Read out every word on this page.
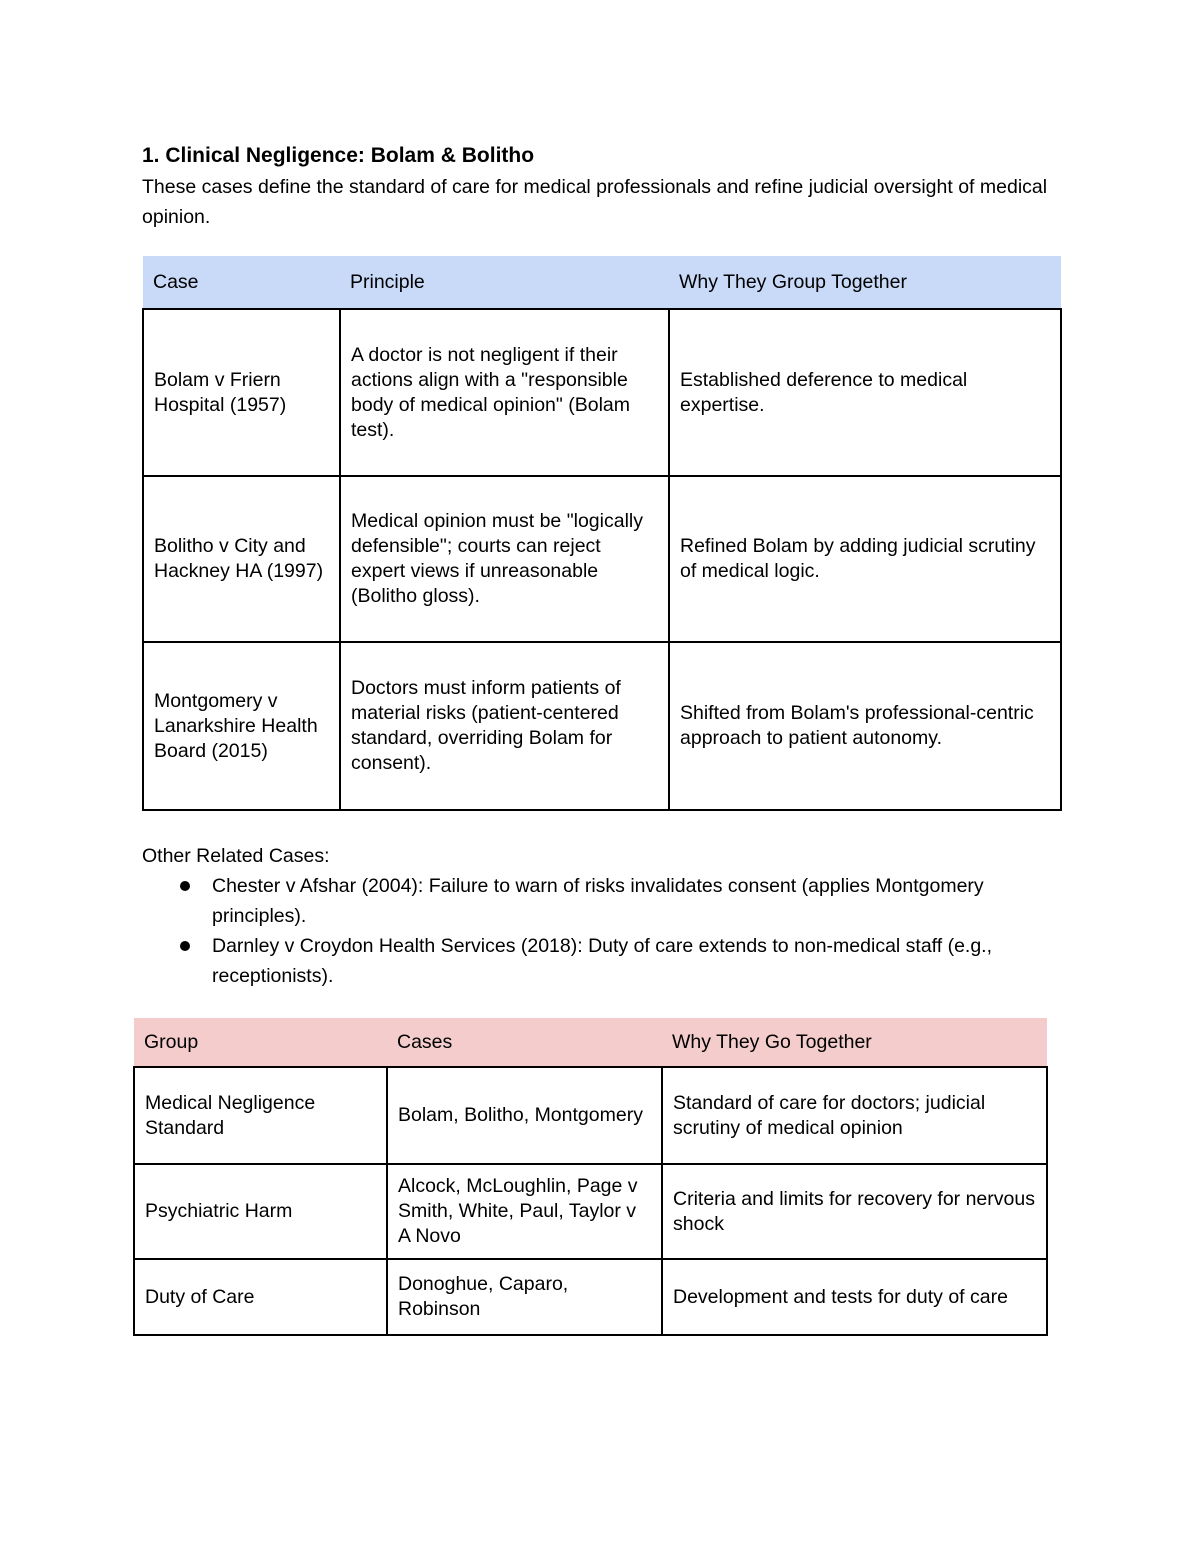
1. Clinical Negligence: Bolam & Bolitho

These cases define the standard of care for medical professionals and refine judicial oversight of medical opinion.

Case	Principle	Why They Group Together
Bolam v Friern Hospital (1957)	A doctor is not negligent if their actions align with a "responsible body of medical opinion" (Bolam test).	Established deference to medical expertise.
Bolitho v City and Hackney HA (1997)	Medical opinion must be "logically defensible"; courts can reject expert views if unreasonable (Bolitho gloss).	Refined Bolam by adding judicial scrutiny of medical logic.
Montgomery v Lanarkshire Health Board (2015)	Doctors must inform patients of material risks (patient-centered standard, overriding Bolam for consent).	Shifted from Bolam's professional-centric approach to patient autonomy.

Other Related Cases:

Chester v Afshar (2004): Failure to warn of risks invalidates consent (applies Montgomery principles).
Darnley v Croydon Health Services (2018): Duty of care extends to non-medical staff (e.g., receptionists).
Group	Cases	Why They Go Together
Medical Negligence Standard	Bolam, Bolitho, Montgomery	Standard of care for doctors; judicial scrutiny of medical opinion
Psychiatric Harm	Alcock, McLoughlin, Page v Smith, White, Paul, Taylor v A Novo	Criteria and limits for recovery for nervous shock
Duty of Care	Donoghue, Caparo, Robinson	Development and tests for duty of care
